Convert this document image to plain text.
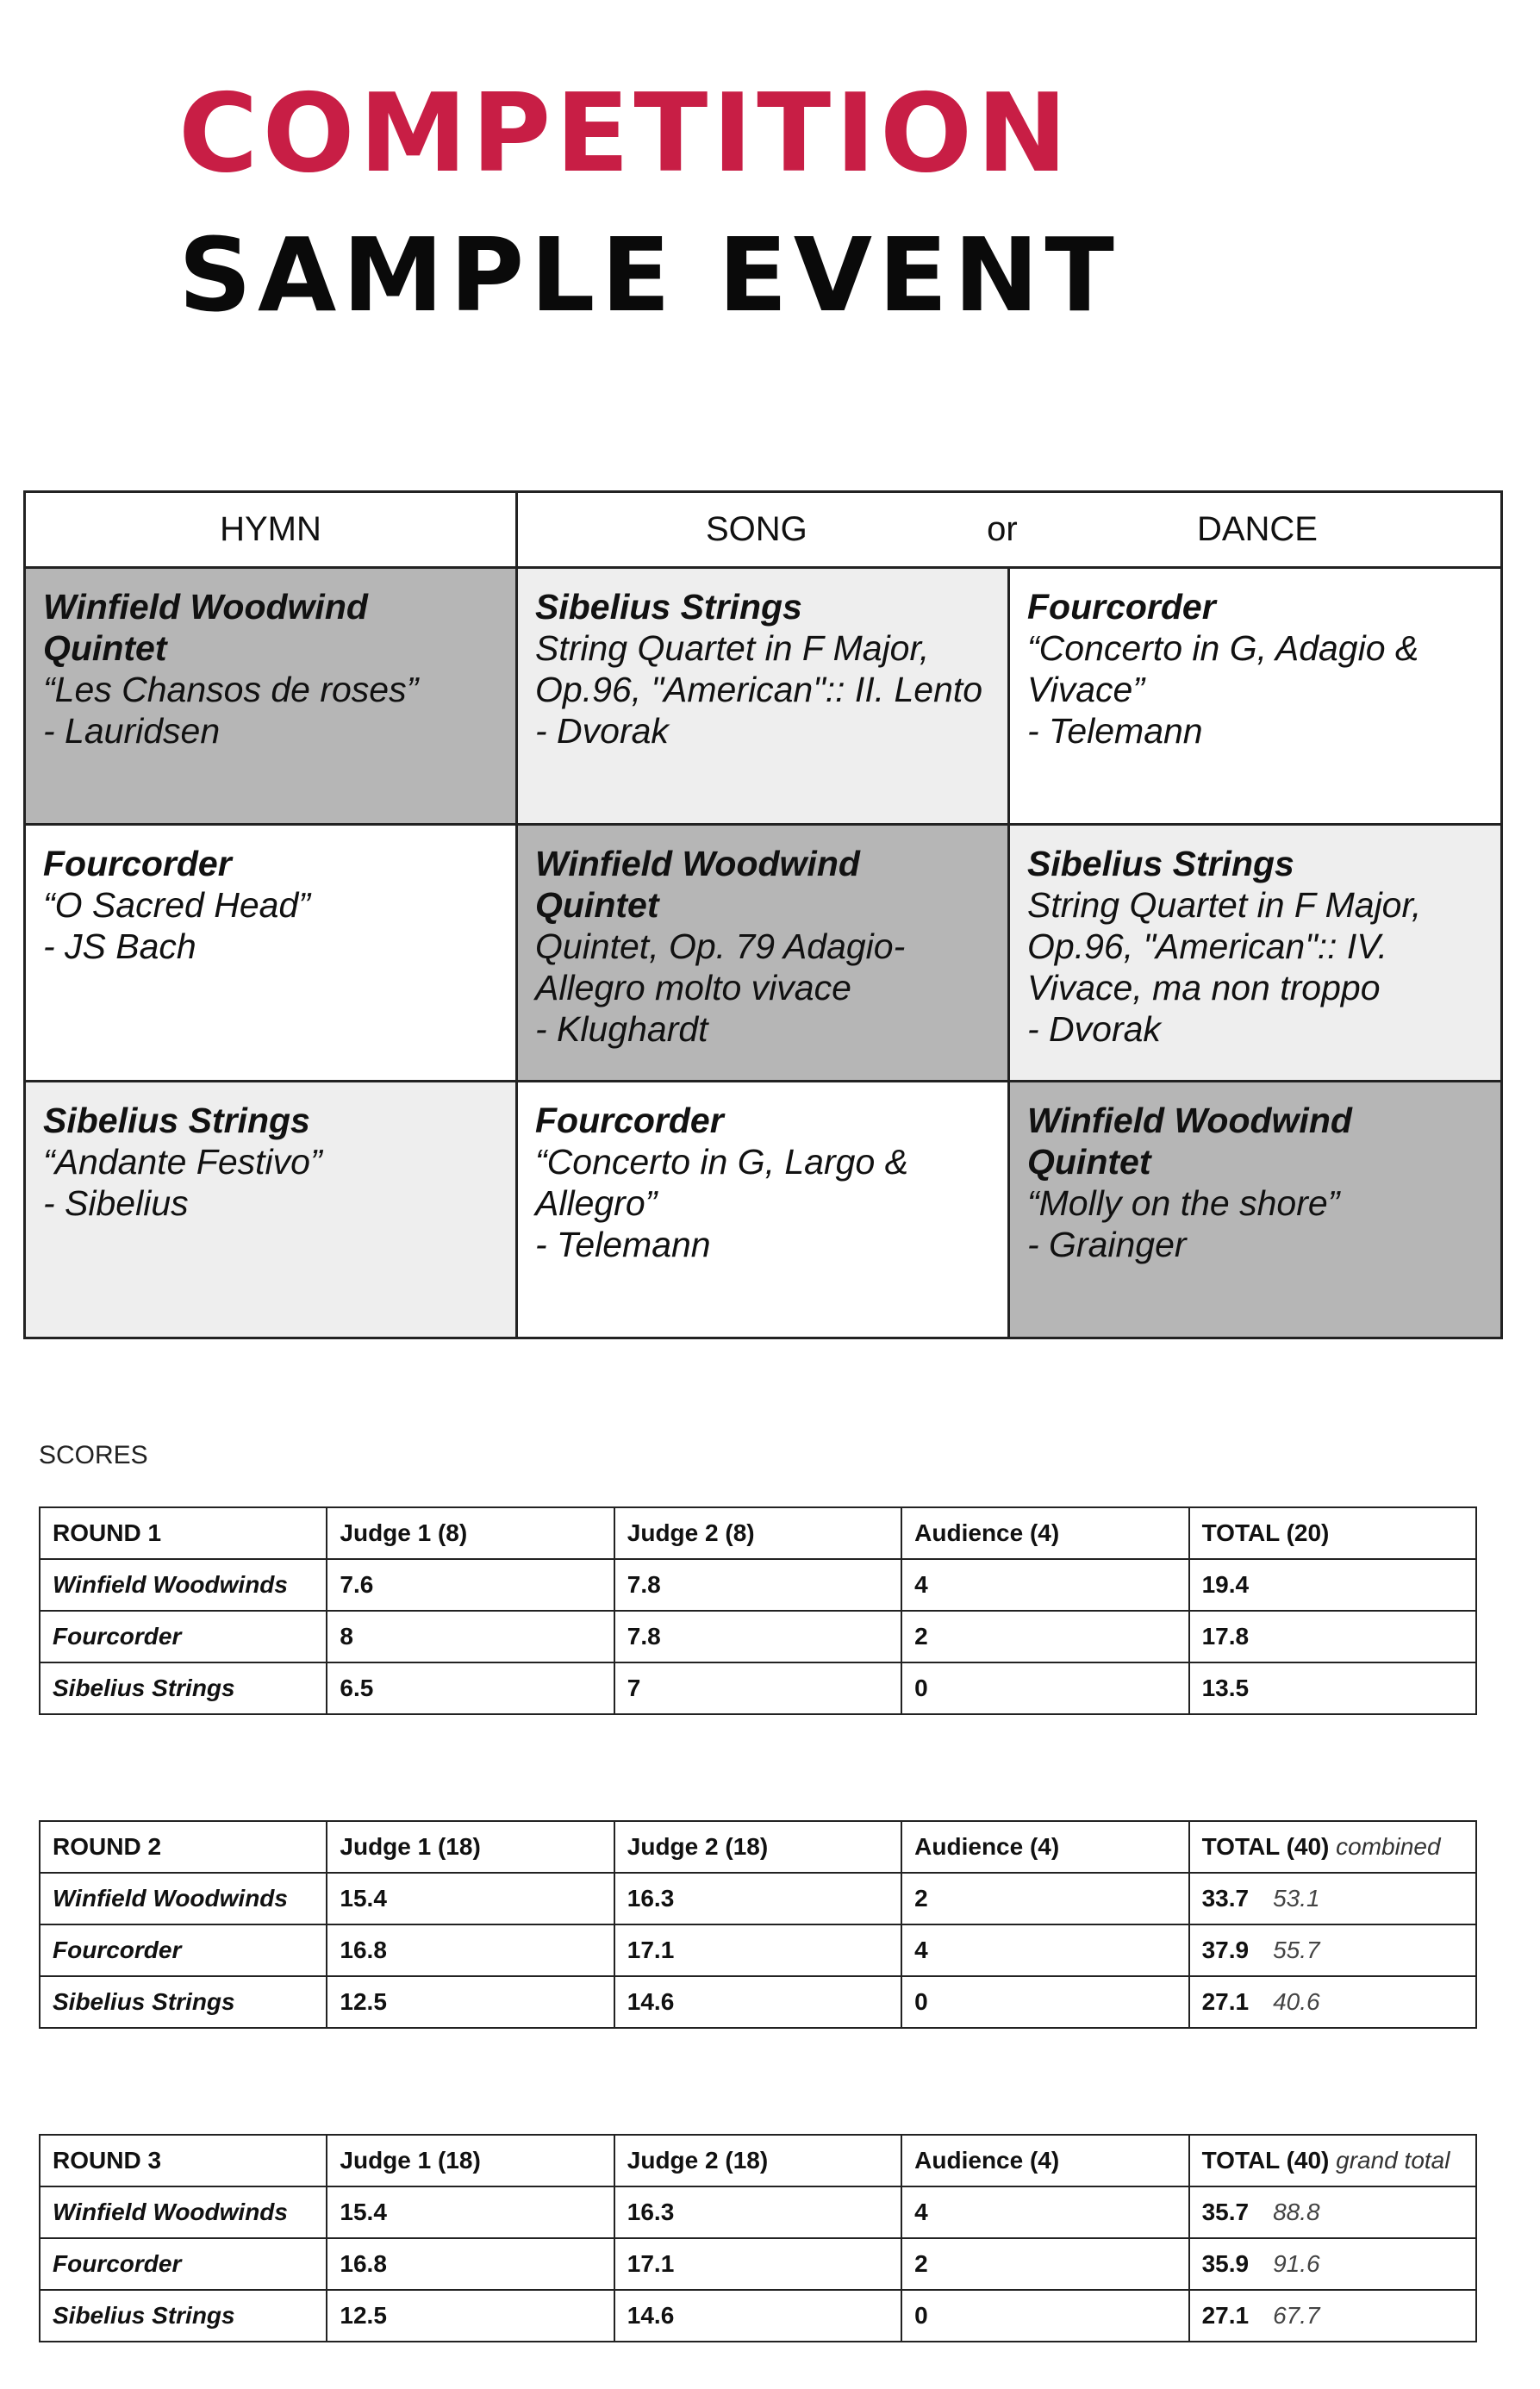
COMPETITION
SAMPLE EVENT
HYMN	SONG or DANCE	

Winfield Woodwind Quintet
“Les Chansos de roses”
- Lauridsen	Sibelius Strings
String Quartet in F Major, Op.96, "American":: II. Lento
- Dvorak	Fourcorder
“Concerto in G, Adagio & Vivace”
- Telemann

Fourcorder
“O Sacred Head”
- JS Bach	Winfield Woodwind Quintet
Quintet, Op. 79 Adagio-Allegro molto vivace
- Klughardt	Sibelius Strings
String Quartet in F Major, Op.96, "American":: IV. Vivace, ma non troppo
- Dvorak

Sibelius Strings
“Andante Festivo”
- Sibelius	Fourcorder
“Concerto in G, Largo & Allegro”
- Telemann	Winfield Woodwind Quintet
“Molly on the shore”
- Grainger
SCORES
ROUND 1	Judge 1 (8)	Judge 2 (8)	Audience (4)	TOTAL (20)
Winfield Woodwinds	7.6	7.8	4	19.4
Fourcorder	8	7.8	2	17.8
Sibelius Strings	6.5	7	0	13.5
ROUND 2	Judge 1 (18)	Judge 2 (18)	Audience (4)	TOTAL (40) combined
Winfield Woodwinds	15.4	16.3	2	33.7 53.1
Fourcorder	16.8	17.1	4	37.9 55.7
Sibelius Strings	12.5	14.6	0	27.1 40.6
ROUND 3	Judge 1 (18)	Judge 2 (18)	Audience (4)	TOTAL (40) grand total
Winfield Woodwinds	15.4	16.3	4	35.7 88.8
Fourcorder	16.8	17.1	2	35.9 91.6
Sibelius Strings	12.5	14.6	0	27.1 67.7
